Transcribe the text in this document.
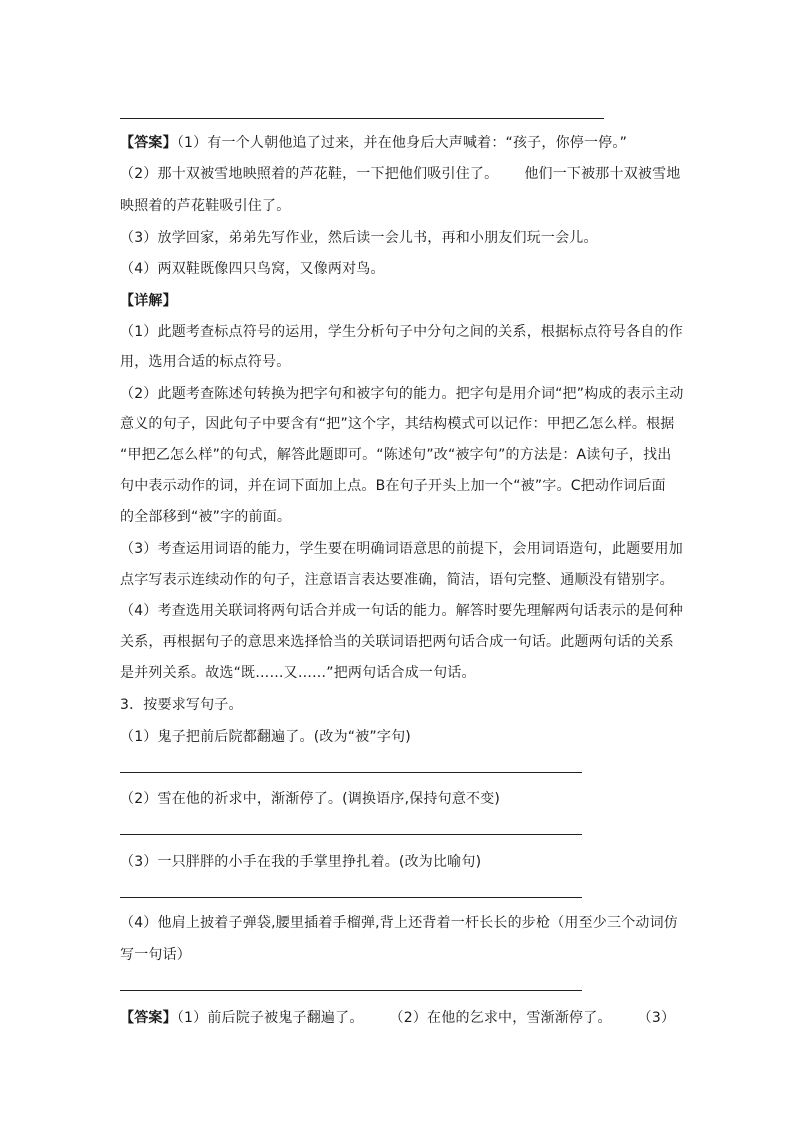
【答案】（1）有一个人朝他追了过来，并在他身后大声喊着：“孩子，你停一停。”
（2）那十双被雪地映照着的芦花鞋，一下把他们吸引住了。 他们一下被那十双被雪地
映照着的芦花鞋吸引住了。
（3）放学回家，弟弟先写作业，然后读一会儿书，再和小朋友们玩一会儿。
（4）两双鞋既像四只鸟窝，又像两对鸟。
【详解】
（1）此题考查标点符号的运用，学生分析句子中分句之间的关系，根据标点符号各自的作
用，选用合适的标点符号。
（2）此题考查陈述句转换为把字句和被字句的能力。把字句是用介词“把”构成的表示主动
意义的句子，因此句子中要含有“把”这个字，其结构模式可以记作：甲把乙怎么样。根据
“甲把乙怎么样”的句式，解答此题即可。“陈述句”改“被字句”的方法是：A读句子，找出
句中表示动作的词，并在词下面加上点。B在句子开头上加一个“被”字。C把动作词后面
的全部移到“被”字的前面。
（3）考查运用词语的能力，学生要在明确词语意思的前提下，会用词语造句，此题要用加
点字写表示连续动作的句子，注意语言表达要准确，简洁，语句完整、通顺没有错别字。
（4）考查选用关联词将两句话合并成一句话的能力。解答时要先理解两句话表示的是何种
关系，再根据句子的意思来选择恰当的关联词语把两句话合成一句话。此题两句话的关系
是并列关系。故选“既……又……”把两句话合成一句话。
3．按要求写句子。
（1）鬼子把前后院都翻遍了。(改为“被”字句)
（2）雪在他的祈求中，渐渐停了。(调换语序,保持句意不变)
（3）一只胖胖的小手在我的手掌里挣扎着。(改为比喻句)
（4）他肩上披着子弹袋,腰里插着手榴弹,背上还背着一杆长长的步枪（用至少三个动词仿
写一句话）
【答案】（1）前后院子被鬼子翻遍了。 （2）在他的乞求中，雪渐渐停了。 （3）
